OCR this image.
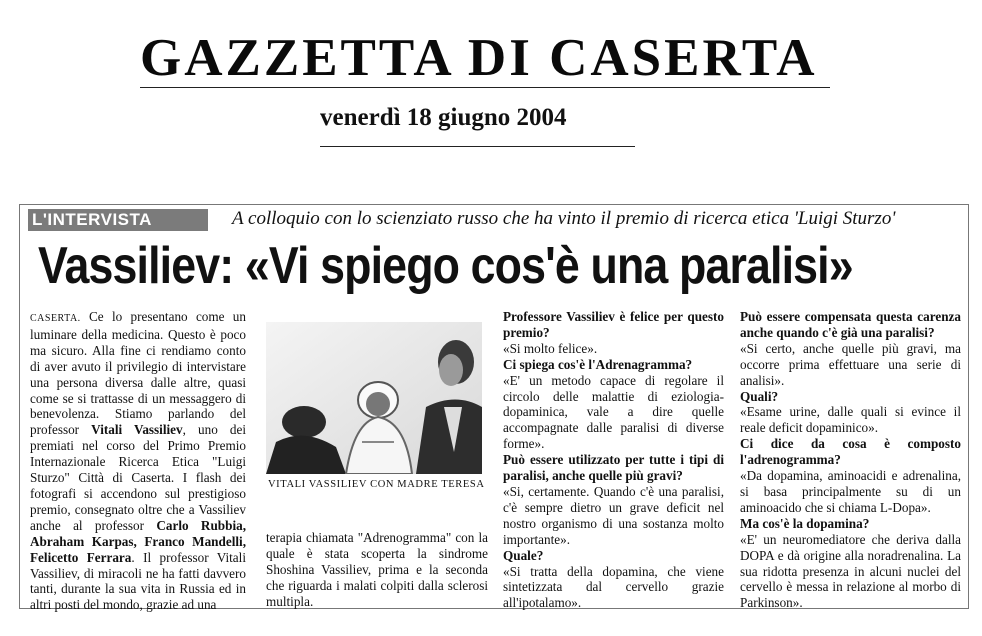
GAZZETTA DI CASERTA
venerdì 18 giugno 2004
L'INTERVISTA	A colloquio con lo scienziato russo che ha vinto il premio di ricerca etica 'Luigi Sturzo'
Vassiliev: «Vi spiego cos'è una paralisi»

CASERTA. Ce lo presentano come un luminare della medicina. Questo è poco ma sicuro. Alla fine ci rendiamo conto di aver avuto il privilegio di intervistare una persona diversa dalle altre, quasi come se si trattasse di un messaggero di benevolenza. Stiamo parlando del professor Vitali Vassiliev, uno dei premiati nel corso del Primo Premio Internazionale Ricerca Etica "Luigi Sturzo" Città di Caserta. I flash dei fotografi si accendono sul prestigioso premio, consegnato oltre che a Vassiliev anche al professor Carlo Rubbia, Abraham Karpas, Franco Mandelli, Felicetto Ferrara. Il professor Vitali Vassiliev, di miracoli ne ha fatti davvero tanti, durante la sua vita in Russia ed in altri posti del mondo, grazie ad una

VITALI VASSILIEV CON MADRE TERESA

terapia chiamata "Adrenogramma" con la quale è stata scoperta la sindrome Shoshina Vassiliev, prima e la seconda che riguarda i malati colpiti dalla sclerosi multipla.

Professore Vassiliev è felice per questo premio?

«Si molto felice».

Ci spiega cos'è l'Adrenagramma?

«E' un metodo capace di regolare il circolo delle malattie di eziologia-dopaminica, vale a dire quelle accompagnate dalle paralisi di diverse forme».

Può essere utilizzato per tutte i tipi di paralisi, anche quelle più gravi?

«Si, certamente. Quando c'è una paralisi, c'è sempre dietro un grave deficit nel nostro organismo di una sostanza molto importante».

Quale?

«Si tratta della dopamina, che viene sintetizzata dal cervello grazie all'ipotalamo».

Può essere compensata questa carenza anche quando c'è già una paralisi?

«Si certo, anche quelle più gravi, ma occorre prima effettuare una serie di analisi».

Quali?

«Esame urine, dalle quali si evince il reale deficit dopaminico».

Ci dice da cosa è composto l'adrenogramma?

«Da dopamina, aminoacidi e adrenalina, si basa principalmente su di un aminoacido che si chiama L-Dopa».

Ma cos'è la dopamina?

«E' un neuromediatore che deriva dalla DOPA e dà origine alla noradrenalina. La sua ridotta presenza in alcuni nuclei del cervello è messa in relazione al morbo di Parkinson».
